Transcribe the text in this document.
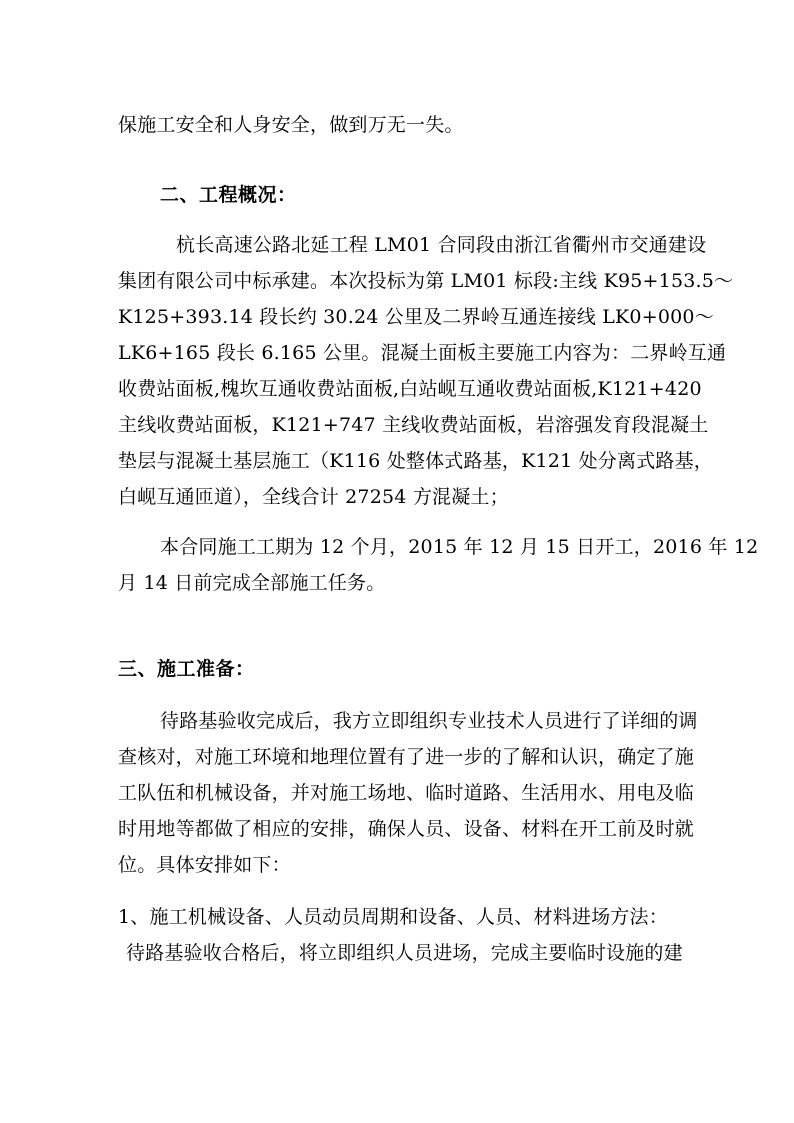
保施工安全和人身安全，做到万无一失。
二、工程概况：
杭长高速公路北延工程 LM01 合同段由浙江省衢州市交通建设
集团有限公司中标承建。本次投标为第 LM01 标段:主线 K95+153.5～
K125+393.14 段长约 30.24 公里及二界岭互通连接线 LK0+000～
LK6+165 段长 6.165 公里。混凝土面板主要施工内容为：二界岭互通
收费站面板,槐坎互通收费站面板,白站岘互通收费站面板,K121+420
主线收费站面板，K121+747 主线收费站面板，岩溶强发育段混凝土
垫层与混凝土基层施工（K116 处整体式路基，K121 处分离式路基，
白岘互通匝道），全线合计 27254 方混凝土；
本合同施工工期为 12 个月，2015 年 12 月 15 日开工，2016 年 12
月 14 日前完成全部施工任务。
三、施工准备：
待路基验收完成后，我方立即组织专业技术人员进行了详细的调
查核对，对施工环境和地理位置有了进一步的了解和认识，确定了施
工队伍和机械设备，并对施工场地、临时道路、生活用水、用电及临
时用地等都做了相应的安排，确保人员、设备、材料在开工前及时就
位。具体安排如下：
1、施工机械设备、人员动员周期和设备、人员、材料进场方法：
待路基验收合格后，将立即组织人员进场，完成主要临时设施的建
